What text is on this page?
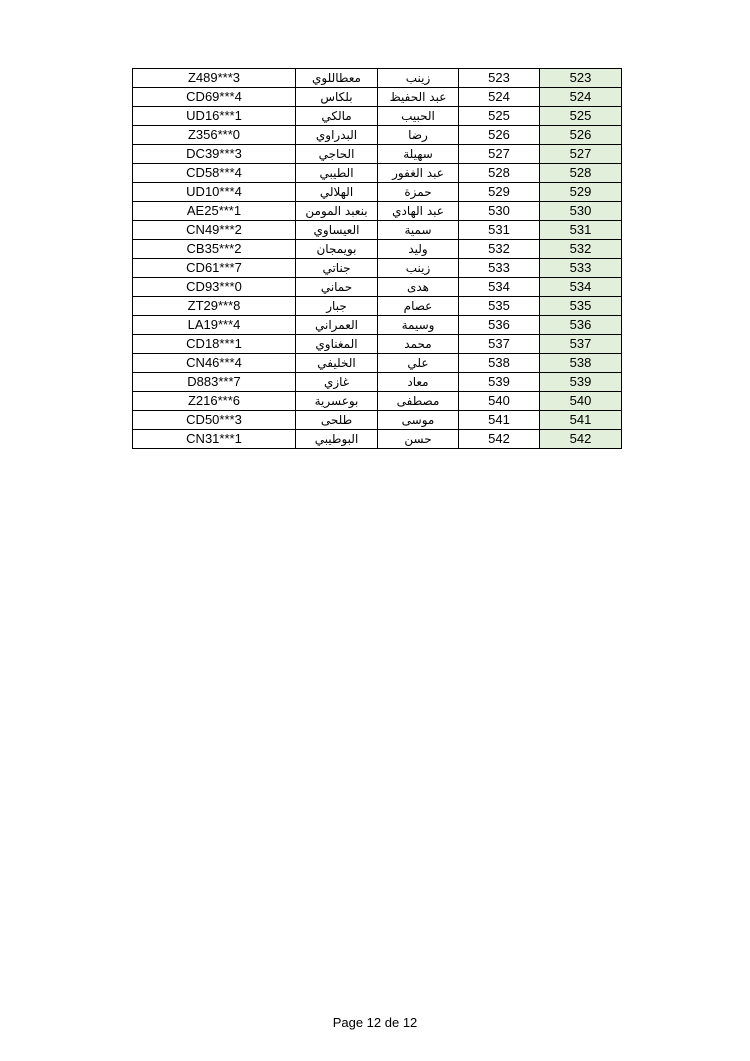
Z489***3	معطاللوي	زينب	523	523
CD69***4	بلكاس	عبد الحفيظ	524	524
UD16***1	مالكي	الحبيب	525	525
Z356***0	البدراوي	رضا	526	526
DC39***3	الحاجي	سهيلة	527	527
CD58***4	الطيبي	عبد الغفور	528	528
UD10***4	الهلالي	حمزة	529	529
AE25***1	بنعبد المومن	عبد الهادي	530	530
CN49***2	العيساوي	سمية	531	531
CB35***2	بويمجان	وليد	532	532
CD61***7	جناتي	زينب	533	533
CD93***0	حماني	هدى	534	534
ZT29***8	جبار	عصام	535	535
LA19***4	العمراني	وسيمة	536	536
CD18***1	المغناوي	محمد	537	537
CN46***4	الخليفي	علي	538	538
D883***7	غازي	معاد	539	539
Z216***6	بوعسرية	مصطفى	540	540
CD50***3	طلحى	موسى	541	541
CN31***1	البوطيبي	حسن	542	542
Page 12 de 12
